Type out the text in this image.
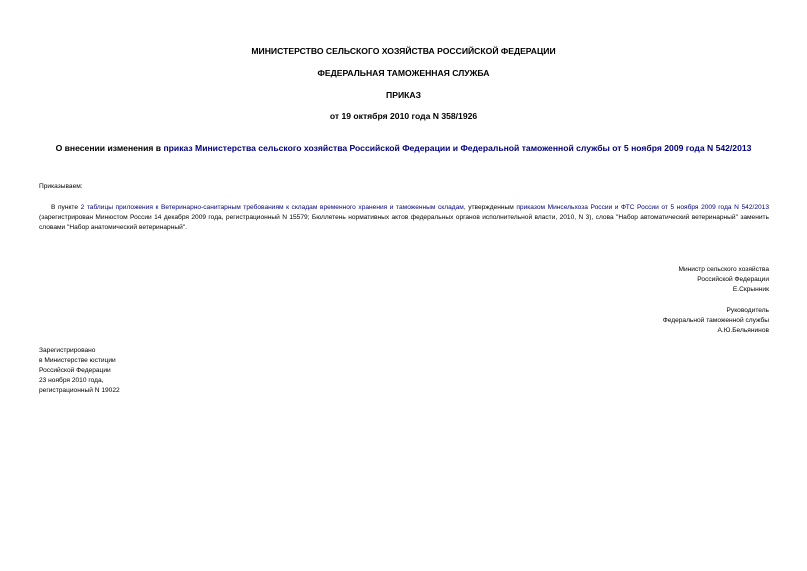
МИНИСТЕРСТВО СЕЛЬСКОГО ХОЗЯЙСТВА РОССИЙСКОЙ ФЕДЕРАЦИИ
ФЕДЕРАЛЬНАЯ ТАМОЖЕННАЯ СЛУЖБА
ПРИКАЗ
от 19 октября 2010 года N 358/1926
О внесении изменения в приказ Министерства сельского хозяйства Российской Федерации и Федеральной таможенной службы от 5 ноября 2009 года N 542/2013
Приказываем:
В пункте 2 таблицы приложения к Ветеринарно-санитарным требованиям к складам временного хранения и таможенным складам, утвержденным приказом Минсельхоза России и ФТС России от 5 ноября 2009 года N 542/2013 (зарегистрирован Минюстом России 14 декабря 2009 года, регистрационный N 15579; Бюллетень нормативных актов федеральных органов исполнительной власти, 2010, N 3), слова "Набор автоматический ветеринарный" заменить словами "Набор анатомический ветеринарный".
Министр сельского хозяйства
Российской Федерации
Е.Скрынник
Руководитель
Федеральной таможенной службы
А.Ю.Бельянинов
Зарегистрировано
в Министерстве юстиции
Российской Федерации
23 ноября 2010 года,
регистрационный N 19022
